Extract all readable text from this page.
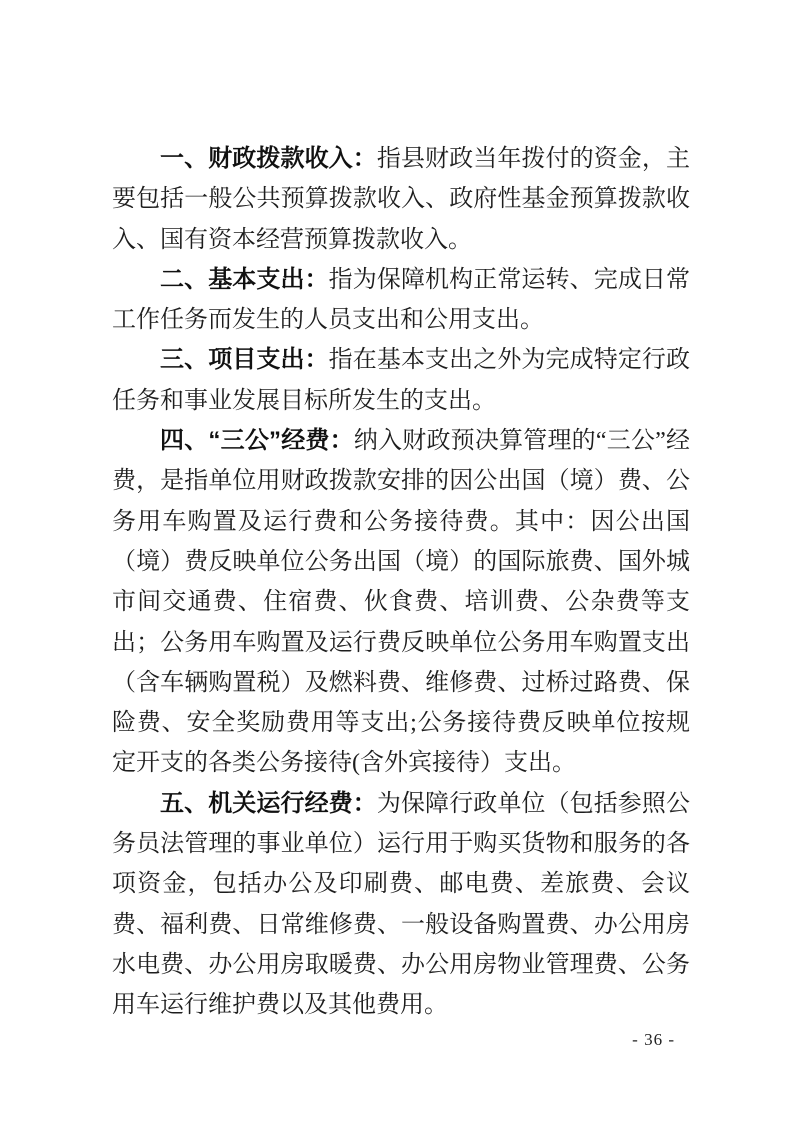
一、财政拨款收入：指县财政当年拨付的资金，主要包括一般公共预算拨款收入、政府性基金预算拨款收入、国有资本经营预算拨款收入。

二、基本支出：指为保障机构正常运转、完成日常工作任务而发生的人员支出和公用支出。

三、项目支出：指在基本支出之外为完成特定行政任务和事业发展目标所发生的支出。

四、“三公”经费：纳入财政预决算管理的“三公”经费，是指单位用财政拨款安排的因公出国（境）费、公务用车购置及运行费和公务接待费。其中：因公出国（境）费反映单位公务出国（境）的国际旅费、国外城市间交通费、住宿费、伙食费、培训费、公杂费等支出；公务用车购置及运行费反映单位公务用车购置支出（含车辆购置税）及燃料费、维修费、过桥过路费、保险费、安全奖励费用等支出;公务接待费反映单位按规定开支的各类公务接待(含外宾接待）支出。

五、机关运行经费：为保障行政单位（包括参照公务员法管理的事业单位）运行用于购买货物和服务的各项资金，包括办公及印刷费、邮电费、差旅费、会议费、福利费、日常维修费、一般设备购置费、办公用房水电费、办公用房取暖费、办公用房物业管理费、公务用车运行维护费以及其他费用。

- 36 -
